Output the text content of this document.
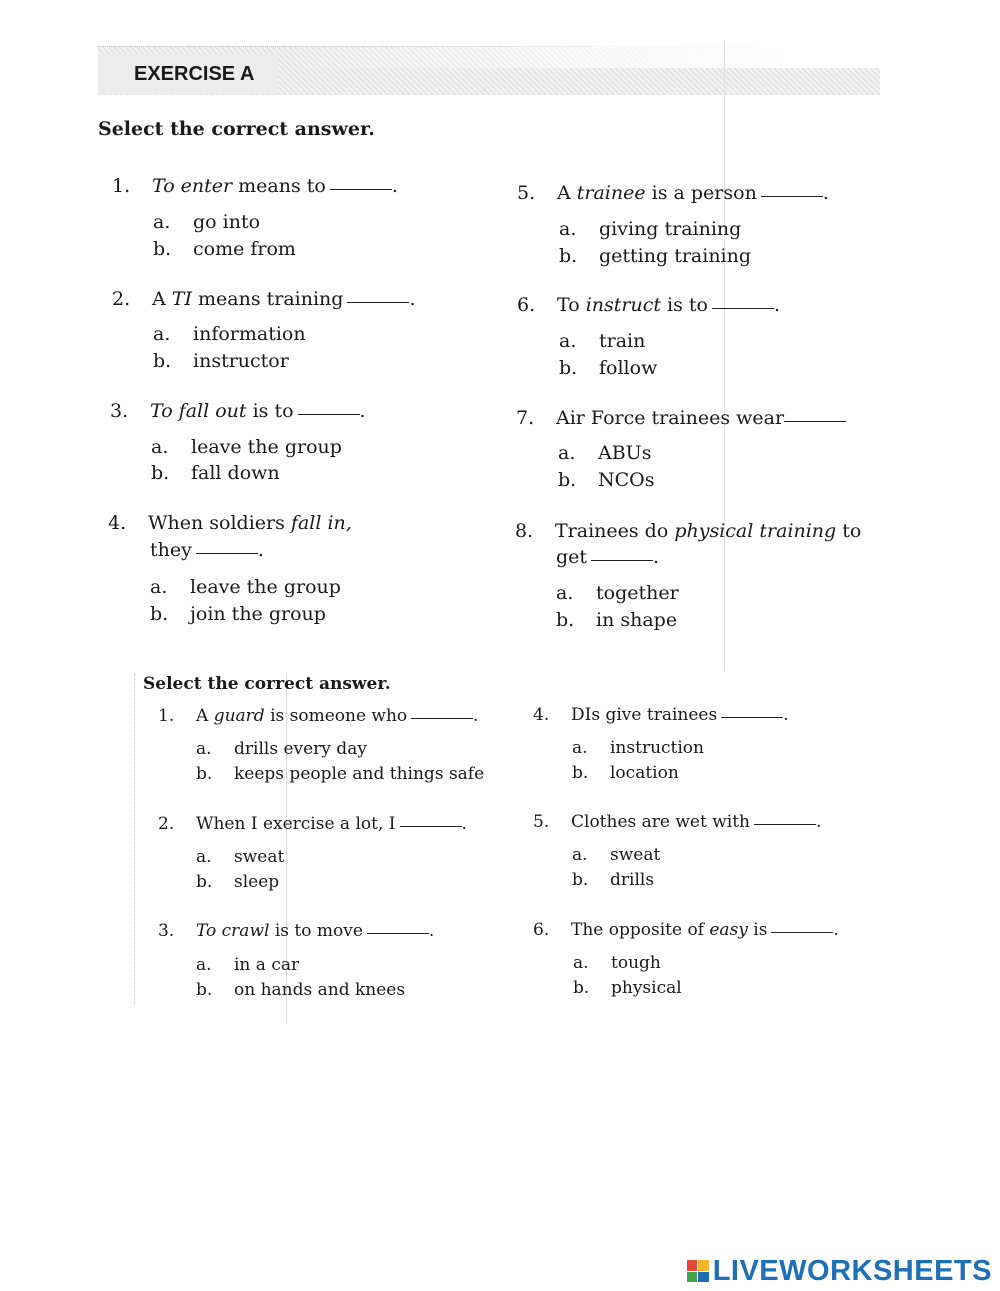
EXERCISE A
Select the correct answer.
1. To enter means to	.
a. go into
b. come from
2. A TI means training	.
a. information
b. instructor
3. To fall out is to	.
a. leave the group
b. fall down
4. When soldiers fall in,
they	.
a. leave the group
b. join the group
5. A trainee is a person	.
a. giving training
b. getting training
6. To instruct is to	.
a. train
b. follow
7. Air Force trainees wear
a. ABUs
b. NCOs
8. Trainees do physical training to
get	.
a. together
b. in shape
Select the correct answer.
1. A guard is someone who	.
a. drills every day
b. keeps people and things safe
2. When I exercise a lot, I	.
a. sweat
b. sleep
3. To crawl is to move	.
a. in a car
b. on hands and knees
4. DIs give trainees	.
a. instruction
b. location
5. Clothes are wet with	.
a. sweat
b. drills
6. The opposite of easy is	.
a. tough
b. physical
LIVEWORKSHEETS
